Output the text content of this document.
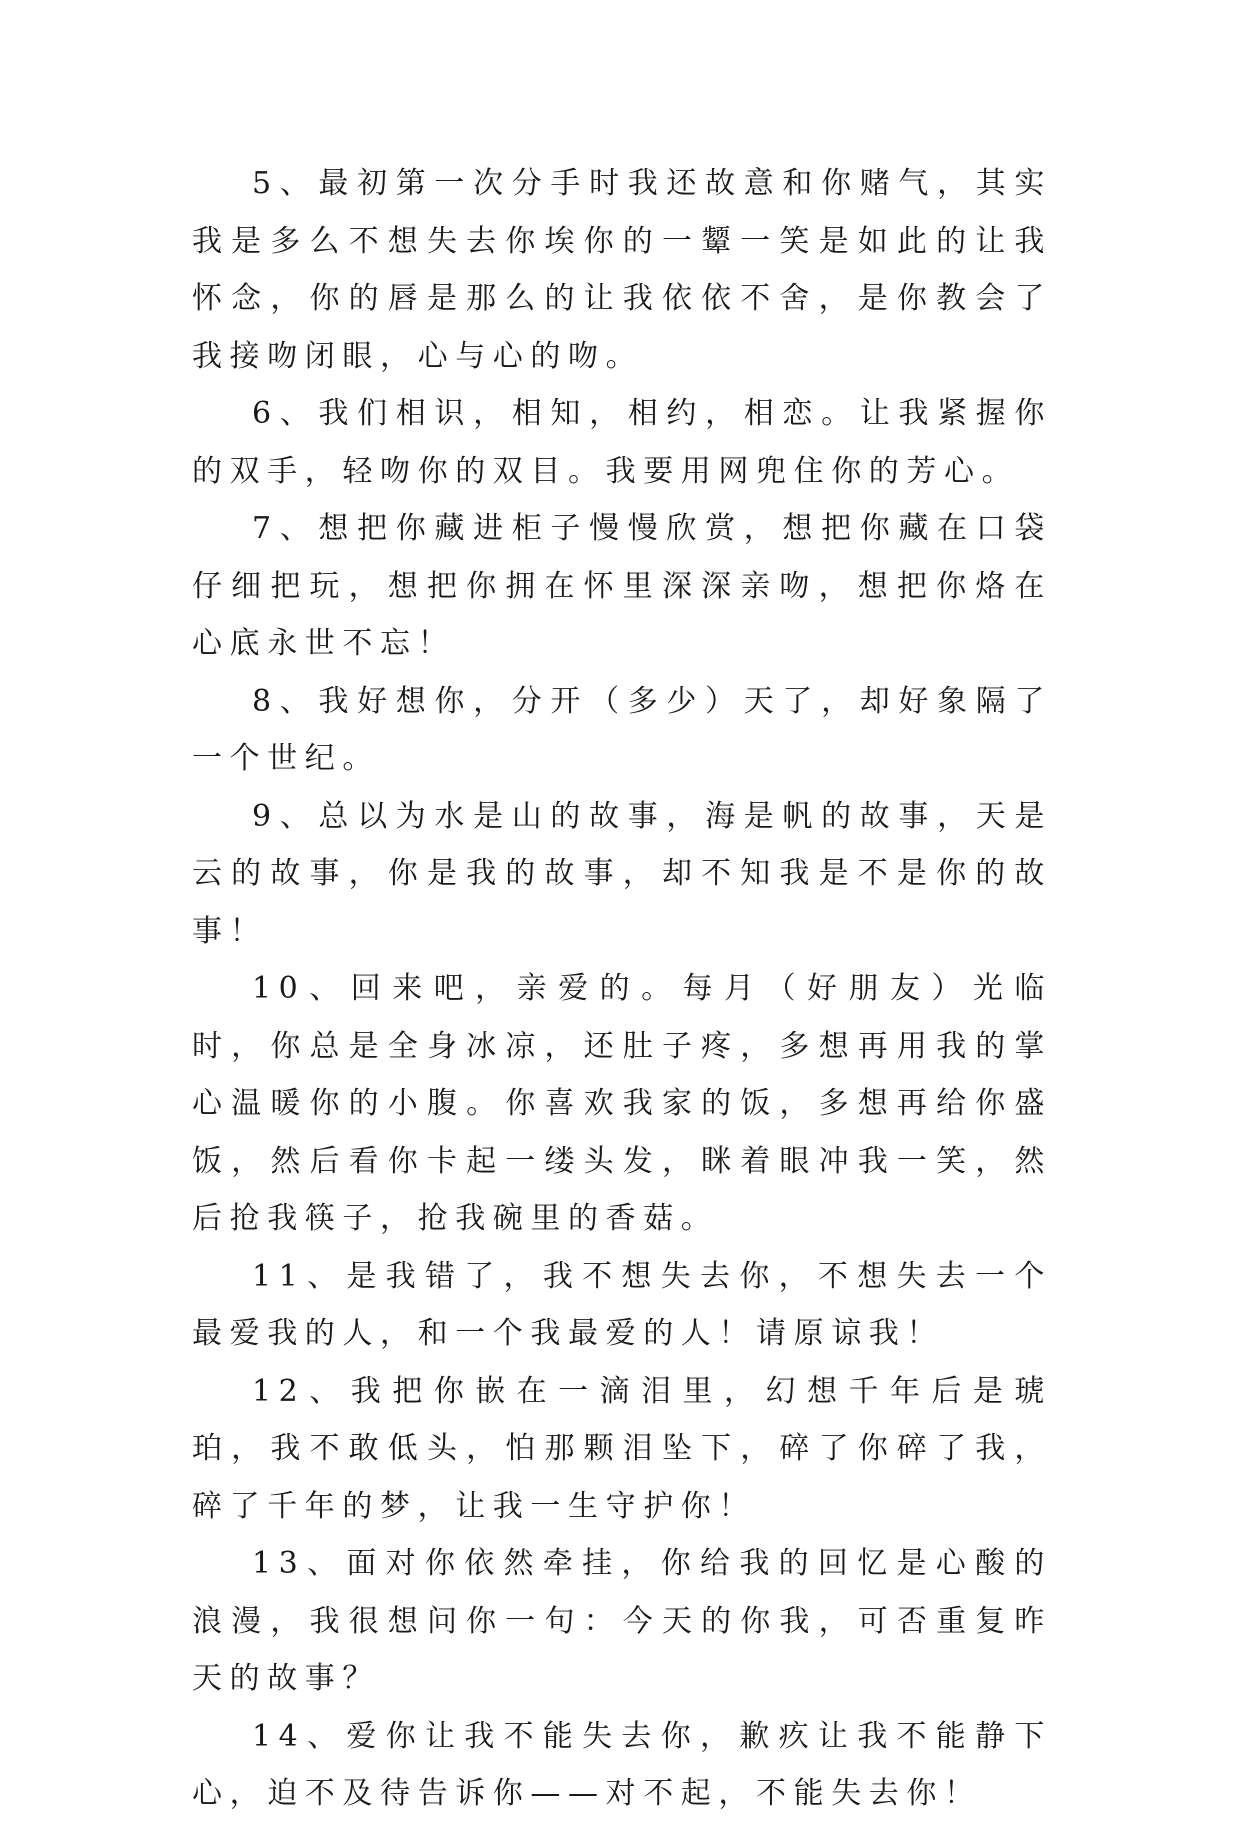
5、最初第一次分手时我还故意和你赌气，其实我是多么不想失去你埃你的一颦一笑是如此的让我怀念，你的唇是那么的让我依依不舍，是你教会了我接吻闭眼，心与心的吻。

6、我们相识，相知，相约，相恋。让我紧握你的双手，轻吻你的双目。我要用网兜住你的芳心。

7、想把你藏进柜子慢慢欣赏，想把你藏在口袋仔细把玩，想把你拥在怀里深深亲吻，想把你烙在心底永世不忘！

8、我好想你，分开（多少）天了，却好象隔了一个世纪。

9、总以为水是山的故事，海是帆的故事，天是云的故事，你是我的故事，却不知我是不是你的故事！

10、回来吧，亲爱的。每月（好朋友）光临时，你总是全身冰凉，还肚子疼，多想再用我的掌心温暖你的小腹。你喜欢我家的饭，多想再给你盛饭，然后看你卡起一缕头发，眯着眼冲我一笑，然后抢我筷子，抢我碗里的香菇。

11、是我错了，我不想失去你，不想失去一个最爱我的人，和一个我最爱的人！请原谅我！

12、我把你嵌在一滴泪里，幻想千年后是琥珀，我不敢低头，怕那颗泪坠下，碎了你碎了我，碎了千年的梦，让我一生守护你！

13、面对你依然牵挂，你给我的回忆是心酸的浪漫，我很想问你一句：今天的你我，可否重复昨天的故事？

14、爱你让我不能失去你，歉疚让我不能静下心，迫不及待告诉你——对不起，不能失去你！
